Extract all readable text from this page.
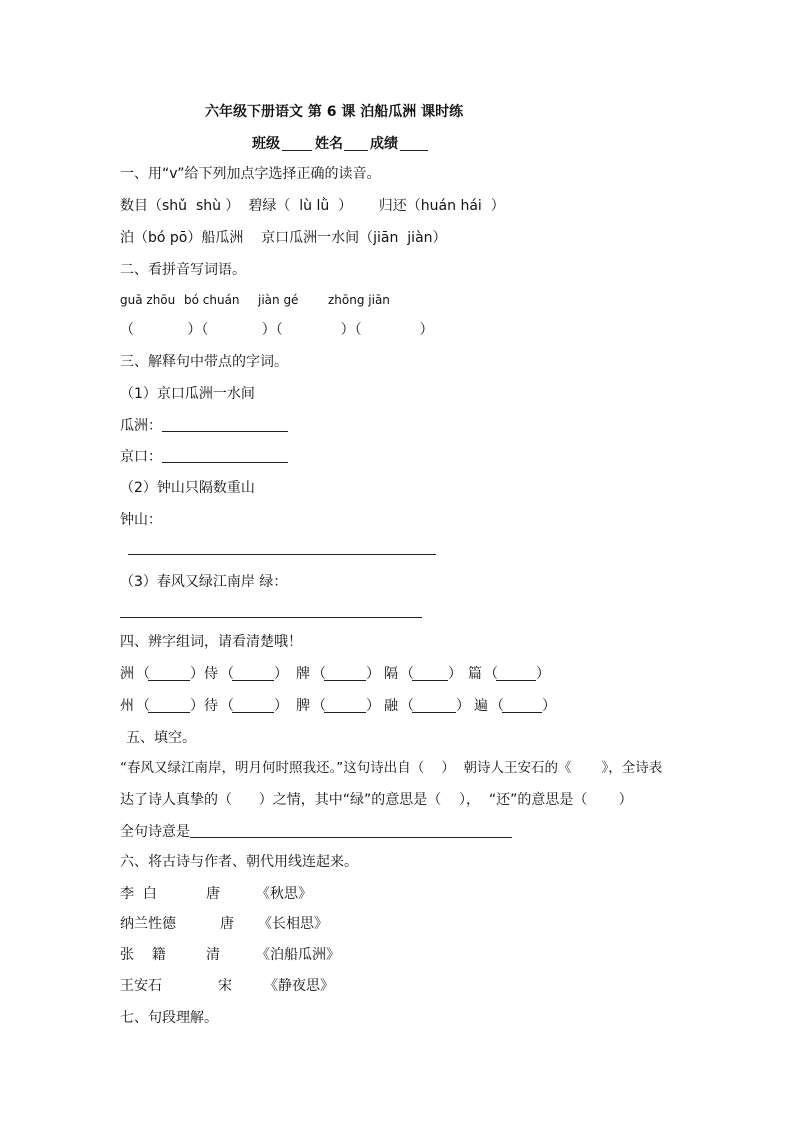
六年级下册语文 第 6 课 泊船瓜洲 课时练
班级	姓名 成绩
一、用“v”给下列加点字选择正确的读音。
数目（shǔ  shù ）  碧绿（  lù lǜ  ）      归还（huán hái  ）
泊（bó pō）船瓜洲    京口瓜洲一水间（jiān  jiàn）
二、看拼音写词语。
guā zhōu bó chuán jiàn gé zhōng jiān
（            ）（            ）（             ）（             ）
三、解释句中带点的字词。
（1）京口瓜洲一水间
瓜洲：
京口：
（2）钟山只隔数重山
钟山：
（3）春风又绿江南岸 绿：
四、辨字组词，请看清楚哦！
洲 （	） 侍 （	） 牌 （	） 隔 （ ） 篇 （	）
州 （	） 待 （	） 脾 （	） 融 （	） 遍 （	）
五、填空。
“春风又绿江南岸，明月何时照我还。”这句诗出自（    ）  朝诗人王安石的《       》，全诗表
达了诗人真挚的（      ）之情，其中“绿”的意思是（    ），  “还”的意思是（       ）
全句诗意是
六、将古诗与作者、朝代用线连起来。
李  白	唐	《秋思》
纳兰性德	唐 《长相思》
张    籍	清	《泊船瓜洲》
王安石	宋 《静夜思》
七、句段理解。
